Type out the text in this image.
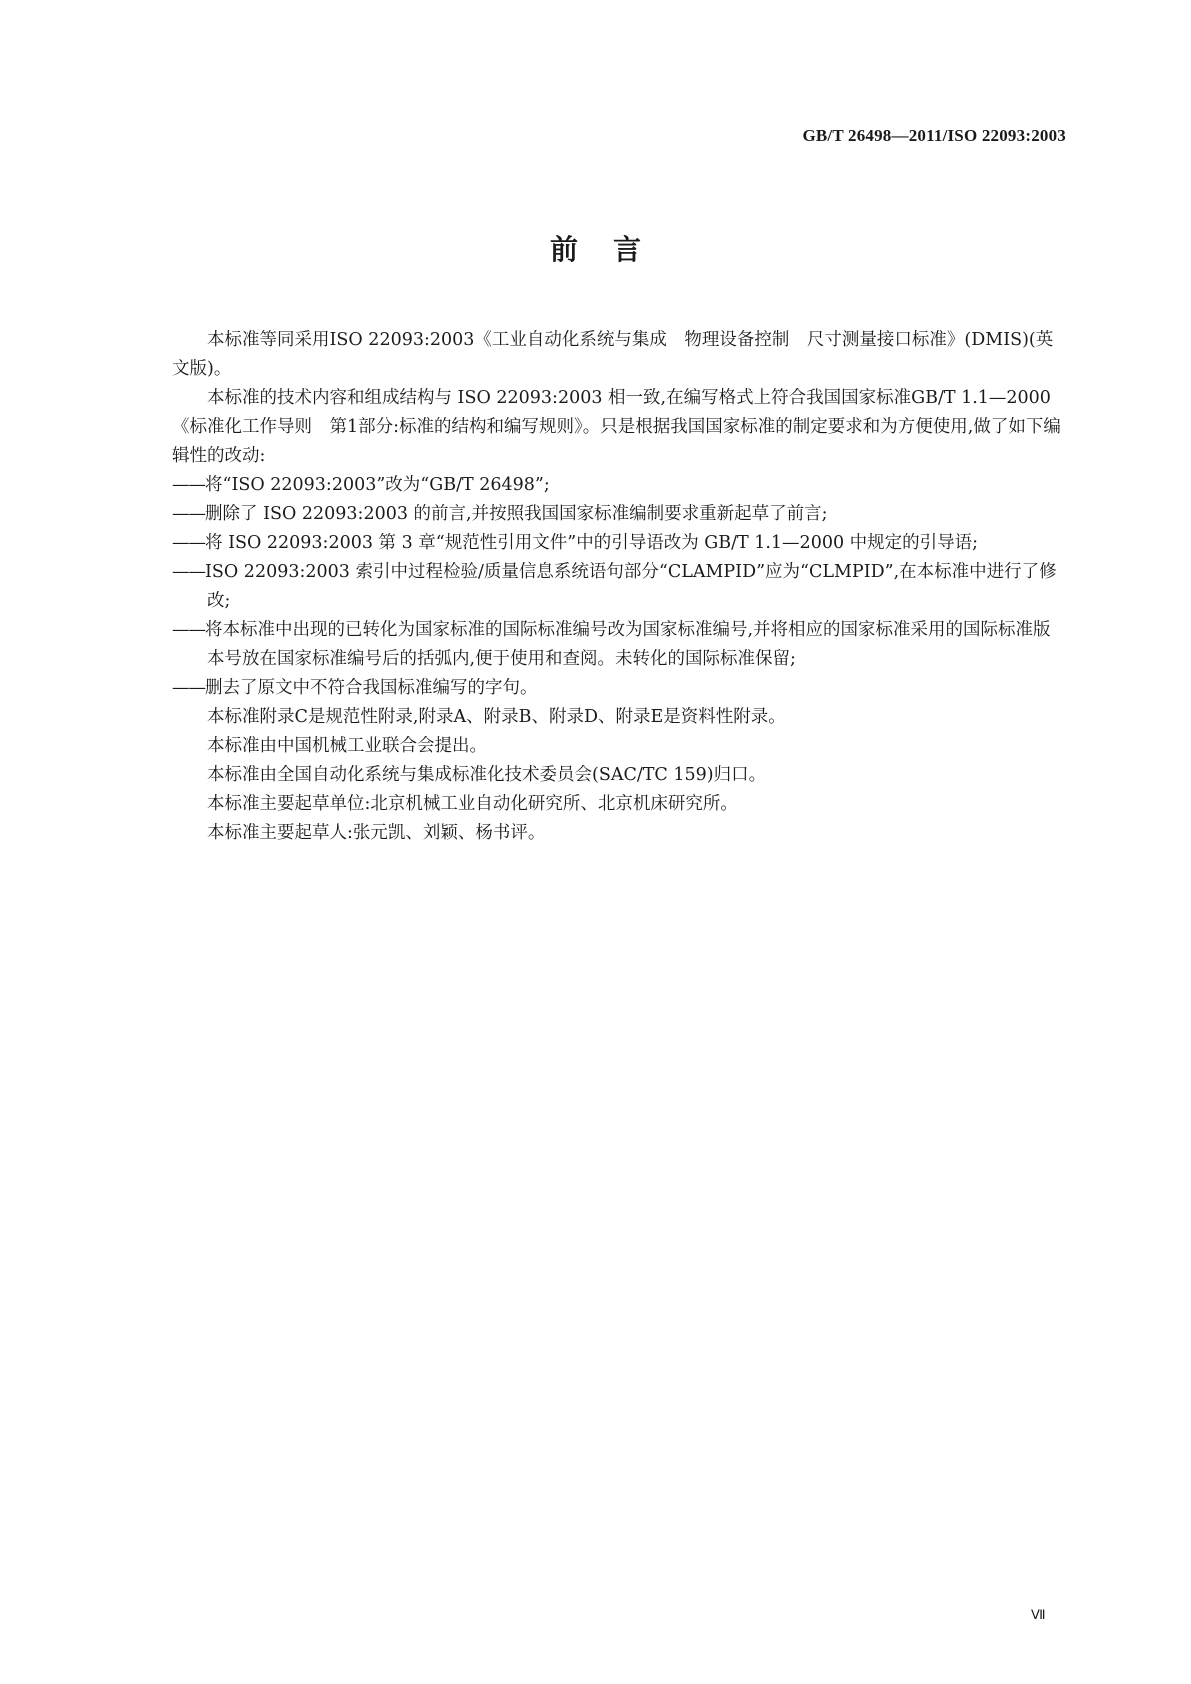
GB/T 26498—2011/ISO 22093:2003
前 言

本标准等同采用ISO 22093:2003《工业自动化系统与集成　物理设备控制　尺寸测量接口标准》(DMIS)(英文版)。

本标准的技术内容和组成结构与 ISO 22093:2003 相一致,在编写格式上符合我国国家标准GB/T 1.1—2000《标准化工作导则　第1部分:标准的结构和编写规则》。只是根据我国国家标准的制定要求和为方便使用,做了如下编辑性的改动:

——将“ISO 22093:2003”改为“GB/T 26498”;

——删除了 ISO 22093:2003 的前言,并按照我国国家标准编制要求重新起草了前言;

——将 ISO 22093:2003 第 3 章“规范性引用文件”中的引导语改为 GB/T 1.1—2000 中规定的引导语;

——ISO 22093:2003 索引中过程检验/质量信息系统语句部分“CLAMPID”应为“CLMPID”,在本标准中进行了修改;

——将本标准中出现的已转化为国家标准的国际标准编号改为国家标准编号,并将相应的国家标准采用的国际标准版本号放在国家标准编号后的括弧内,便于使用和查阅。未转化的国际标准保留;

——删去了原文中不符合我国标准编写的字句。

本标准附录C是规范性附录,附录A、附录B、附录D、附录E是资料性附录。

本标准由中国机械工业联合会提出。

本标准由全国自动化系统与集成标准化技术委员会(SAC/TC 159)归口。

本标准主要起草单位:北京机械工业自动化研究所、北京机床研究所。

本标准主要起草人:张元凯、刘颖、杨书评。

Ⅶ
